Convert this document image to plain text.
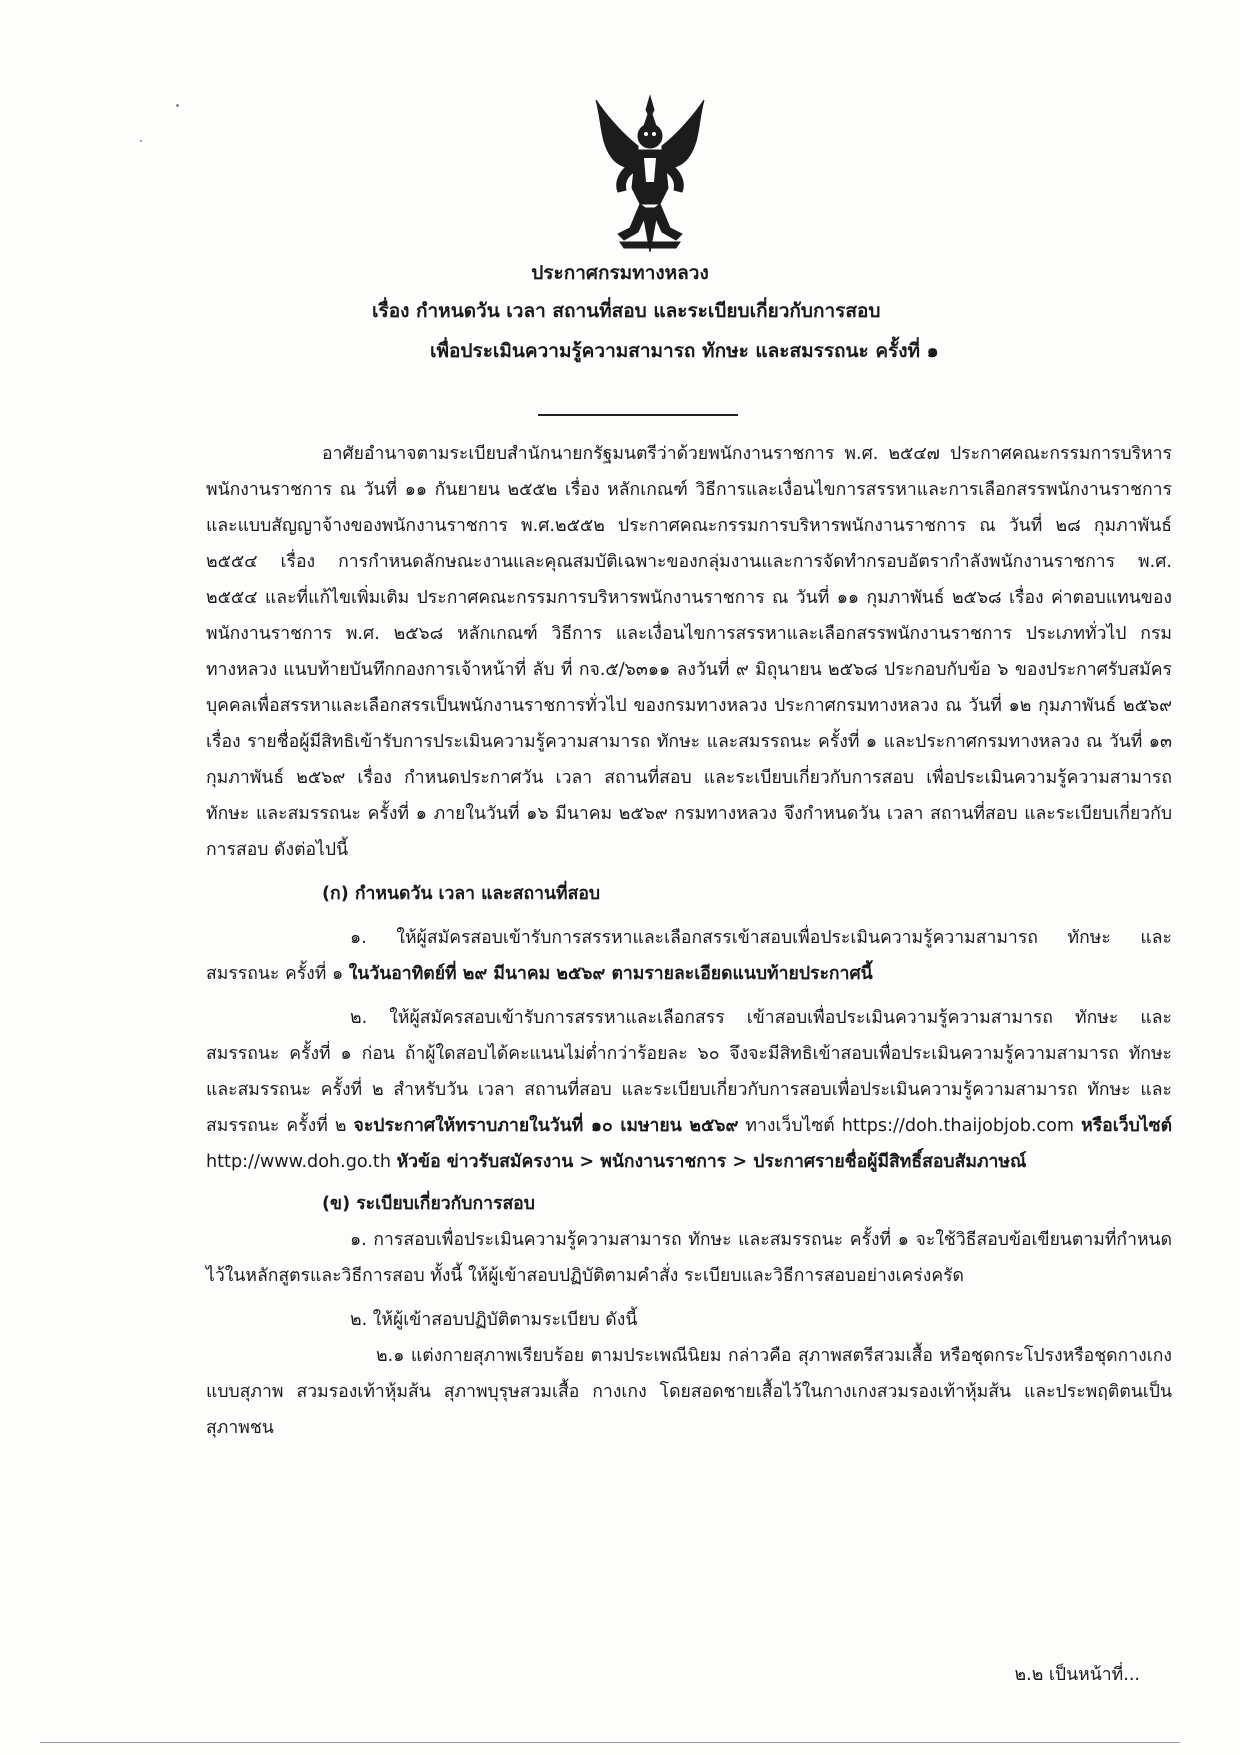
ประกาศกรมทางหลวง
เรื่อง กำหนดวัน เวลา สถานที่สอบ และระเบียบเกี่ยวกับการสอบ
เพื่อประเมินความรู้ความสามารถ ทักษะ และสมรรถนะ ครั้งที่ ๑

อาศัยอำนาจตามระเบียบสำนักนายกรัฐมนตรีว่าด้วยพนักงานราชการ พ.ศ. ๒๕๔๗ ประกาศคณะกรรมการบริหารพนักงานราชการ ณ วันที่ ๑๑ กันยายน ๒๕๕๒ เรื่อง หลักเกณฑ์ วิธีการและเงื่อนไขการสรรหาและการเลือกสรรพนักงานราชการ และแบบสัญญาจ้างของพนักงานราชการ พ.ศ.๒๕๕๒ ประกาศคณะกรรมการบริหารพนักงานราชการ ณ วันที่ ๒๘ กุมภาพันธ์ ๒๕๕๔ เรื่อง การกำหนดลักษณะงานและคุณสมบัติเฉพาะของกลุ่มงานและการจัดทำกรอบอัตรากำลังพนักงานราชการ พ.ศ. ๒๕๕๔ และที่แก้ไขเพิ่มเติม ประกาศคณะกรรมการบริหารพนักงานราชการ ณ วันที่ ๑๑ กุมภาพันธ์ ๒๕๖๘ เรื่อง ค่าตอบแทนของพนักงานราชการ พ.ศ. ๒๕๖๘ หลักเกณฑ์ วิธีการ และเงื่อนไขการสรรหาและเลือกสรรพนักงานราชการ ประเภททั่วไป กรมทางหลวง แนบท้ายบันทึกกองการเจ้าหน้าที่ ลับ ที่ กจ.๕/๖๓๑๑ ลงวันที่ ๙ มิถุนายน ๒๕๖๘ ประกอบกับข้อ ๖ ของประกาศรับสมัครบุคคลเพื่อสรรหาและเลือกสรรเป็นพนักงานราชการทั่วไป ของกรมทางหลวง ประกาศกรมทางหลวง ณ วันที่ ๑๒ กุมภาพันธ์ ๒๕๖๙ เรื่อง รายชื่อผู้มีสิทธิเข้ารับการประเมินความรู้ความสามารถ ทักษะ และสมรรถนะ ครั้งที่ ๑ และประกาศกรมทางหลวง ณ วันที่ ๑๓ กุมภาพันธ์ ๒๕๖๙ เรื่อง กำหนดประกาศวัน เวลา สถานที่สอบ และระเบียบเกี่ยวกับการสอบ เพื่อประเมินความรู้ความสามารถ ทักษะ และสมรรถนะ ครั้งที่ ๑ ภายในวันที่ ๑๖ มีนาคม ๒๕๖๙ กรมทางหลวง จึงกำหนดวัน เวลา สถานที่สอบ และระเบียบเกี่ยวกับการสอบ ดังต่อไปนี้

(ก) กำหนดวัน เวลา และสถานที่สอบ

๑. ให้ผู้สมัครสอบเข้ารับการสรรหาและเลือกสรรเข้าสอบเพื่อประเมินความรู้ความสามารถ ทักษะ และสมรรถนะ ครั้งที่ ๑ ในวันอาทิตย์ที่ ๒๙ มีนาคม ๒๕๖๙ ตามรายละเอียดแนบท้ายประกาศนี้

๒. ให้ผู้สมัครสอบเข้ารับการสรรหาและเลือกสรร เข้าสอบเพื่อประเมินความรู้ความสามารถ ทักษะ และสมรรถนะ ครั้งที่ ๑ ก่อน ถ้าผู้ใดสอบได้คะแนนไม่ต่ำกว่าร้อยละ ๖๐ จึงจะมีสิทธิเข้าสอบเพื่อประเมินความรู้ความสามารถ ทักษะ และสมรรถนะ ครั้งที่ ๒ สำหรับวัน เวลา สถานที่สอบ และระเบียบเกี่ยวกับการสอบเพื่อประเมินความรู้ความสามารถ ทักษะ และสมรรถนะ ครั้งที่ ๒ จะประกาศให้ทราบภายในวันที่ ๑๐ เมษายน ๒๕๖๙ ทางเว็บไซต์ https://doh.thaijobjob.com หรือเว็บไซต์ http://www.doh.go.th หัวข้อ ข่าวรับสมัครงาน > พนักงานราชการ > ประกาศรายชื่อผู้มีสิทธิ์สอบสัมภาษณ์

(ข) ระเบียบเกี่ยวกับการสอบ

๑. การสอบเพื่อประเมินความรู้ความสามารถ ทักษะ และสมรรถนะ ครั้งที่ ๑ จะใช้วิธีสอบข้อเขียนตามที่กำหนดไว้ในหลักสูตรและวิธีการสอบ ทั้งนี้ ให้ผู้เข้าสอบปฏิบัติตามคำสั่ง ระเบียบและวิธีการสอบอย่างเคร่งครัด

๒. ให้ผู้เข้าสอบปฏิบัติตามระเบียบ ดังนี้

๒.๑ แต่งกายสุภาพเรียบร้อย ตามประเพณีนิยม กล่าวคือ สุภาพสตรีสวมเสื้อ หรือชุดกระโปรงหรือชุดกางเกงแบบสุภาพ สวมรองเท้าหุ้มส้น สุภาพบุรุษสวมเสื้อ กางเกง โดยสอดชายเสื้อไว้ในกางเกงสวมรองเท้าหุ้มส้น และประพฤติตนเป็นสุภาพชน

๒.๒ เป็นหน้าที่...
